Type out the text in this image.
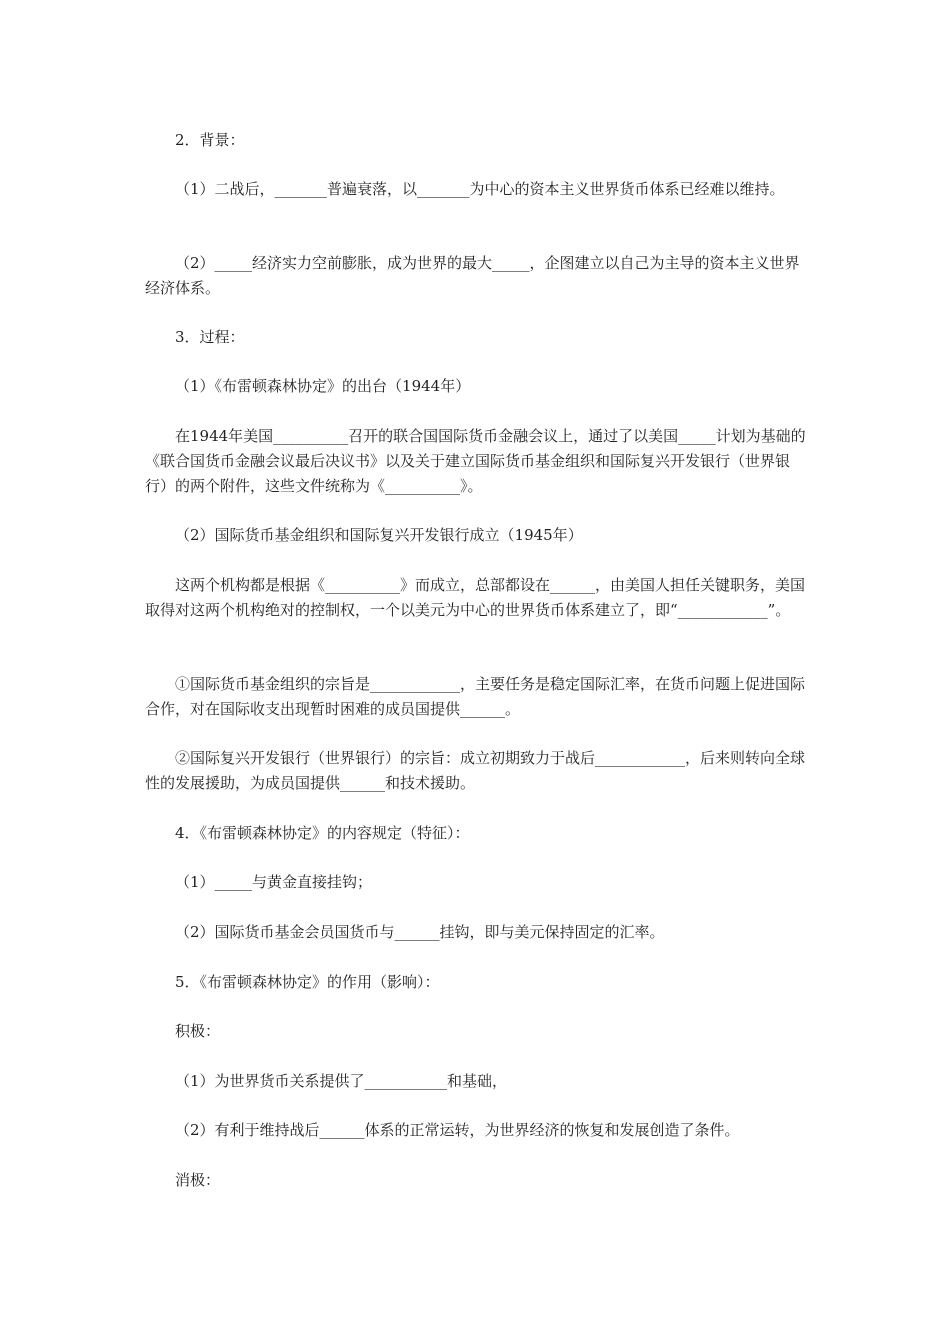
2．背景：

（1）二战后，_______普遍衰落，以_______为中心的资本主义世界货币体系已经难以维持。

（2）_____经济实力空前膨胀，成为世界的最大_____，企图建立以自己为主导的资本主义世界经济体系。

3．过程：

（1）《布雷顿森林协定》的出台（1944年）

在1944年美国__________召开的联合国国际货币金融会议上，通过了以美国_____计划为基础的《联合国货币金融会议最后决议书》以及关于建立国际货币基金组织和国际复兴开发银行（世界银行）的两个附件，这些文件统称为《__________》。

（2）国际货币基金组织和国际复兴开发银行成立（1945年）

这两个机构都是根据《__________》而成立，总部都设在______，由美国人担任关键职务，美国取得对这两个机构绝对的控制权，一个以美元为中心的世界货币体系建立了，即“____________”。

①国际货币基金组织的宗旨是____________，主要任务是稳定国际汇率，在货币问题上促进国际合作，对在国际收支出现暂时困难的成员国提供______。

②国际复兴开发银行（世界银行）的宗旨：成立初期致力于战后____________，后来则转向全球性的发展援助，为成员国提供______和技术援助。

4．《布雷顿森林协定》的内容规定（特征）：

（1）_____与黄金直接挂钩；

（2）国际货币基金会员国货币与______挂钩，即与美元保持固定的汇率。

5．《布雷顿森林协定》的作用（影响）：

积极：

（1）为世界货币关系提供了___________和基础，

（2）有利于维持战后______体系的正常运转，为世界经济的恢复和发展创造了条件。

消极：
